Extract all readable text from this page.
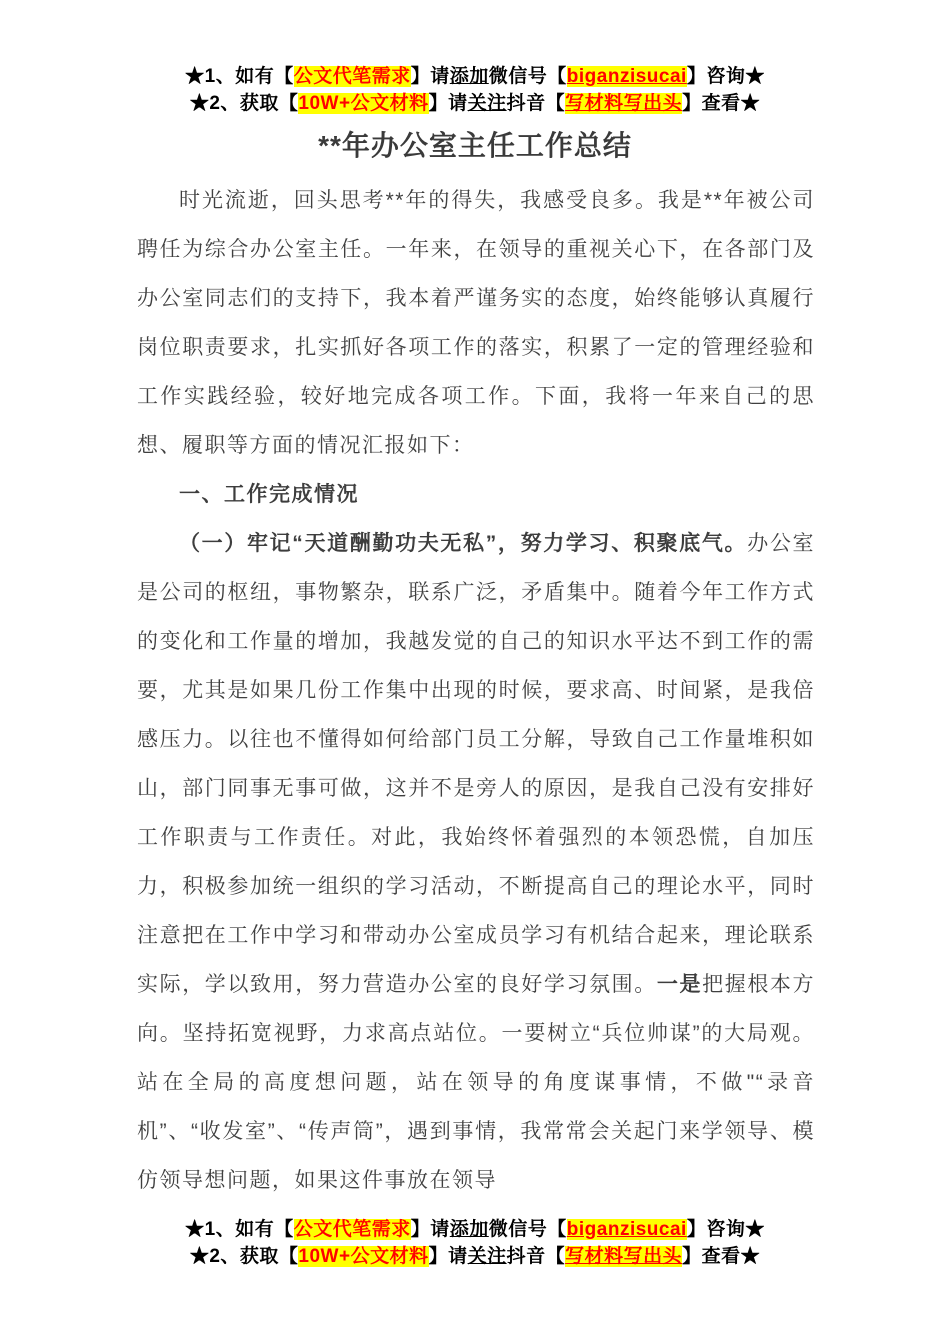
★1、如有【公文代笔需求】请添加微信号【biganzisucai】咨询★
★2、获取【10W+公文材料】请关注抖音【写材料写出头】查看★
**年办公室主任工作总结

时光流逝，回头思考**年的得失，我感受良多。我是**年被公司聘任为综合办公室主任。一年来，在领导的重视关心下，在各部门及办公室同志们的支持下，我本着严谨务实的态度，始终能够认真履行岗位职责要求，扎实抓好各项工作的落实，积累了一定的管理经验和工作实践经验，较好地完成各项工作。下面，我将一年来自己的思想、履职等方面的情况汇报如下：

一、工作完成情况

（一）牢记“天道酬勤功夫无私”，努力学习、积聚底气。办公室是公司的枢纽，事物繁杂，联系广泛，矛盾集中。随着今年工作方式的变化和工作量的增加，我越发觉的自己的知识水平达不到工作的需要，尤其是如果几份工作集中出现的时候，要求高、时间紧，是我倍感压力。以往也不懂得如何给部门员工分解，导致自己工作量堆积如山，部门同事无事可做，这并不是旁人的原因，是我自己没有安排好工作职责与工作责任。对此，我始终怀着强烈的本领恐慌，自加压力，积极参加统一组织的学习活动，不断提高自己的理论水平，同时注意把在工作中学习和带动办公室成员学习有机结合起来，理论联系实际，学以致用，努力营造办公室的良好学习氛围。一是把握根本方向。坚持拓宽视野，力求高点站位。一要树立“兵位帅谋”的大局观。站在全局的高度想问题，站在领导的角度谋事情，不做"“录音机”、“收发室”、“传声筒”，遇到事情，我常常会关起门来学领导、模仿领导想问题，如果这件事放在领导

★1、如有【公文代笔需求】请添加微信号【biganzisucai】咨询★
★2、获取【10W+公文材料】请关注抖音【写材料写出头】查看★
